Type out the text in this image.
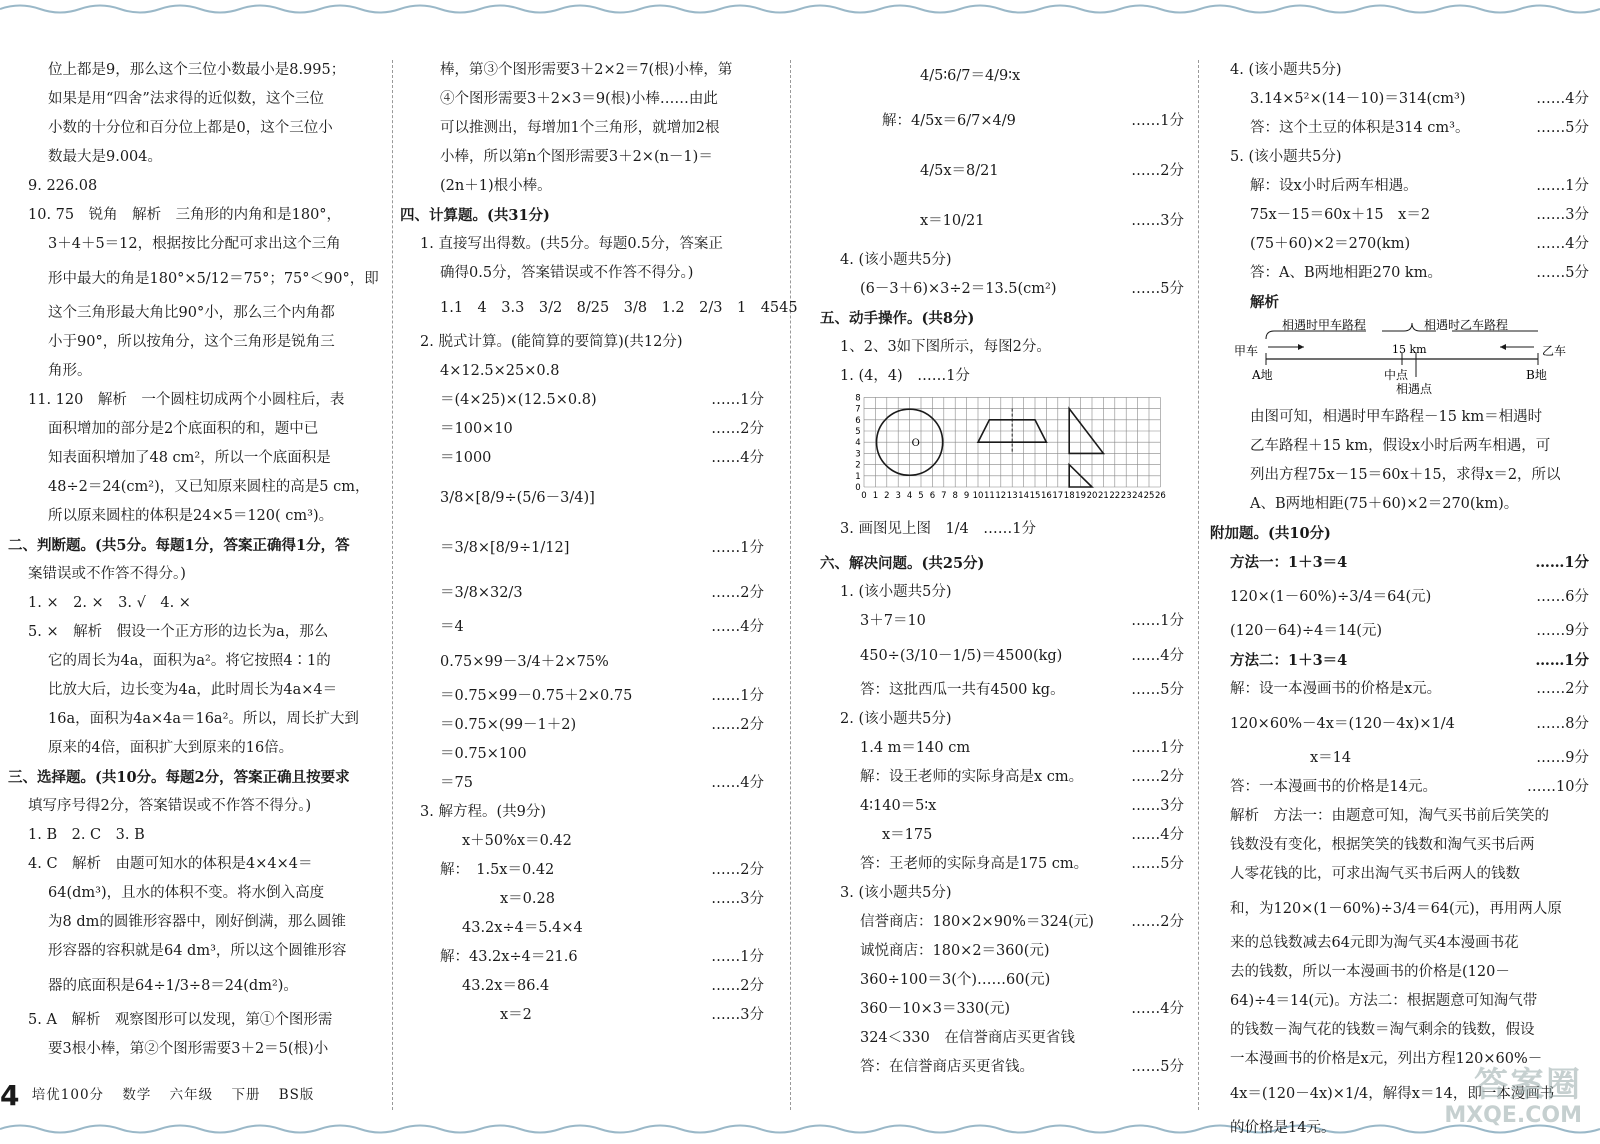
位上都是9，那么这个三位小数最小是8.995；
如果是用“四舍”法求得的近似数，这个三位
小数的十分位和百分位上都是0，这个三位小
数最大是9.004。
9. 226.08
10. 75　锐角　解析　三角形的内角和是180°，
3＋4＋5＝12，根据按比分配可求出这个三角
形中最大的角是180°×5/12＝75°；75°＜90°，即
这个三角形最大角比90°小，那么三个内角都
小于90°，所以按角分，这个三角形是锐角三
角形。
11. 120　解析　一个圆柱切成两个小圆柱后，表
面积增加的部分是2个底面积的和，题中已
知表面积增加了48 cm²，所以一个底面积是
48÷2＝24(cm²)，又已知原来圆柱的高是5 cm，
所以原来圆柱的体积是24×5＝120( cm³)。
二、判断题。(共5分。每题1分，答案正确得1分，答
案错误或不作答不得分。)
1. ×　2. ×　3. √　4. ×
5. ×　解析　假设一个正方形的边长为a，那么
它的周长为4a，面积为a²。将它按照4∶1的
比放大后，边长变为4a，此时周长为4a×4＝
16a，面积为4a×4a＝16a²。所以，周长扩大到
原来的4倍，面积扩大到原来的16倍。
三、选择题。(共10分。每题2分，答案正确且按要求
填写序号得2分，答案错误或不作答不得分。)
1. B　2. C　3. B
4. C　解析　由题可知水的体积是4×4×4＝
64(dm³)，且水的体积不变。将水倒入高度
为8 dm的圆锥形容器中，刚好倒满，那么圆锥
形容器的容积就是64 dm³，所以这个圆锥形容
器的底面积是64÷1/3÷8＝24(dm²)。
5. A　解析　观察图形可以发现，第①个图形需
要3根小棒，第②个图形需要3＋2＝5(根)小
棒，第③个图形需要3＋2×2＝7(根)小棒，第
④个图形需要3＋2×3＝9(根)小棒……由此
可以推测出，每增加1个三角形，就增加2根
小棒，所以第n个图形需要3＋2×(n－1)＝
(2n＋1)根小棒。
四、计算题。(共31分)
1. 直接写出得数。(共5分。每题0.5分，答案正
确得0.5分，答案错误或不作答不得分。)
1.1　4　3.3　3/2　8/25　3/8　1.2　2/3　1　4545
2. 脱式计算。(能简算的要简算)(共12分)
4×12.5×25×0.8
＝(4×25)×(12.5×0.8)	……1分
＝100×10	……2分
＝1000	……4分
3/8×[8/9÷(5/6－3/4)]
＝3/8×[8/9÷1/12]	……1分
＝3/8×32/3	……2分
＝4	……4分
0.75×99－3/4＋2×75%
＝0.75×99－0.75＋2×0.75	……1分
＝0.75×(99－1＋2)	……2分
＝0.75×100
＝75	……4分
3. 解方程。(共9分)
x＋50%x＝0.42
解：　1.5x＝0.42	……2分
x＝0.28	……3分
43.2x÷4＝5.4×4
解：43.2x÷4＝21.6	……1分
43.2x＝86.4	……2分
x＝2	……3分
4/5∶6/7＝4/9∶x
解：4/5x＝6/7×4/9	……1分
4/5x＝8/21	……2分
x＝10/21	……3分
4. (该小题共5分)
(6－3＋6)×3÷2＝13.5(cm²)	……5分
五、动手操作。(共8分)
1、2、3如下图所示，每图2分。
1. (4，4)　……1分
0 1 2 3 4 5 6 7 8 9 10 11 12 13 14 15 16 17 18 19 20 21 22 23 24 25 26
0
1
2
3
4
5
6
7
8
O
3. 画图见上图　1/4　……1分
六、解决问题。(共25分)
1. (该小题共5分)
3＋7＝10	……1分
450÷(3/10－1/5)＝4500(kg)	……4分
答：这批西瓜一共有4500 kg。	……5分
2. (该小题共5分)
1.4 m＝140 cm	……1分
解：设王老师的实际身高是x cm。	……2分
4∶140＝5∶x	……3分
x＝175	……4分
答：王老师的实际身高是175 cm。	……5分
3. (该小题共5分)
信誉商店：180×2×90%＝324(元)	……2分
诚悦商店：180×2＝360(元)
360÷100＝3(个)……60(元)
360－10×3＝330(元)	……4分
324＜330　在信誉商店买更省钱
答：在信誉商店买更省钱。	……5分
4. (该小题共5分)
3.14×5²×(14－10)＝314(cm³)	……4分
答：这个土豆的体积是314 cm³。	……5分
5. (该小题共5分)
解：设x小时后两车相遇。	……1分
75x－15＝60x＋15　x＝2	……3分
(75＋60)×2＝270(km)	……4分
答：A、B两地相距270 km。	……5分
解析
相遇时甲车路程	相遇时乙车路程
甲车	乙车
15 km
A地	中点	B地
相遇点
由图可知，相遇时甲车路程－15 km＝相遇时
乙车路程＋15 km，假设x小时后两车相遇，可
列出方程75x－15＝60x＋15，求得x＝2，所以
A、B两地相距(75＋60)×2＝270(km)。
附加题。(共10分)
方法一：1＋3＝4	……1分
120×(1－60%)÷3/4＝64(元)	……6分
(120－64)÷4＝14(元)	……9分
方法二：1＋3＝4	……1分
解：设一本漫画书的价格是x元。	……2分
120×60%－4x＝(120－4x)×1/4	……8分
x＝14	……9分
答：一本漫画书的价格是14元。	……10分
解析　方法一：由题意可知，淘气买书前后笑笑的
钱数没有变化，根据笑笑的钱数和淘气买书后两
人零花钱的比，可求出淘气买书后两人的钱数
和，为120×(1－60%)÷3/4＝64(元)，再用两人原
来的总钱数减去64元即为淘气买4本漫画书花
去的钱数，所以一本漫画书的价格是(120－
64)÷4＝14(元)。方法二：根据题意可知淘气带
的钱数－淘气花的钱数＝淘气剩余的钱数，假设
一本漫画书的价格是x元，列出方程120×60%－
4x＝(120－4x)×1/4，解得x＝14，即一本漫画书
的价格是14元。
4 培优100分 数学 六年级 下册 BS版	答案圈
MXQE.COM
